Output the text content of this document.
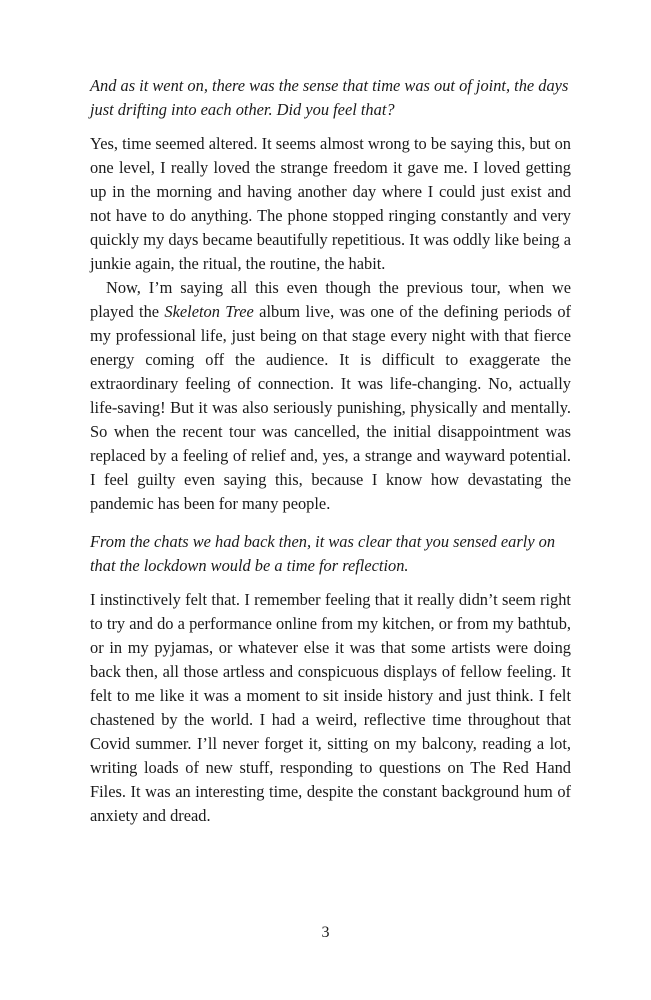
And as it went on, there was the sense that time was out of joint, the days just drifting into each other. Did you feel that?

Yes, time seemed altered. It seems almost wrong to be saying this, but on one level, I really loved the strange freedom it gave me. I loved getting up in the morning and having another day where I could just exist and not have to do anything. The phone stopped ringing constantly and very quickly my days became beautifully repetitious. It was oddly like being a junkie again, the ritual, the routine, the habit.

Now, I’m saying all this even though the previous tour, when we played the Skeleton Tree album live, was one of the defining periods of my professional life, just being on that stage every night with that fierce energy coming off the audience. It is difficult to exaggerate the extraordinary feeling of connection. It was life-changing. No, actually life-saving! But it was also seriously punishing, physically and mentally. So when the recent tour was cancelled, the initial disappointment was replaced by a feeling of relief and, yes, a strange and wayward potential. I feel guilty even saying this, because I know how devastating the pandemic has been for many people.

From the chats we had back then, it was clear that you sensed early on that the lockdown would be a time for reflection.

I instinctively felt that. I remember feeling that it really didn’t seem right to try and do a performance online from my kitchen, or from my bathtub, or in my pyjamas, or whatever else it was that some artists were doing back then, all those artless and conspicuous displays of fellow feeling. It felt to me like it was a moment to sit inside history and just think. I felt chastened by the world. I had a weird, reflective time throughout that Covid summer. I’ll never forget it, sitting on my balcony, reading a lot, writing loads of new stuff, responding to questions on The Red Hand Files. It was an interesting time, despite the constant background hum of anxiety and dread.

3
